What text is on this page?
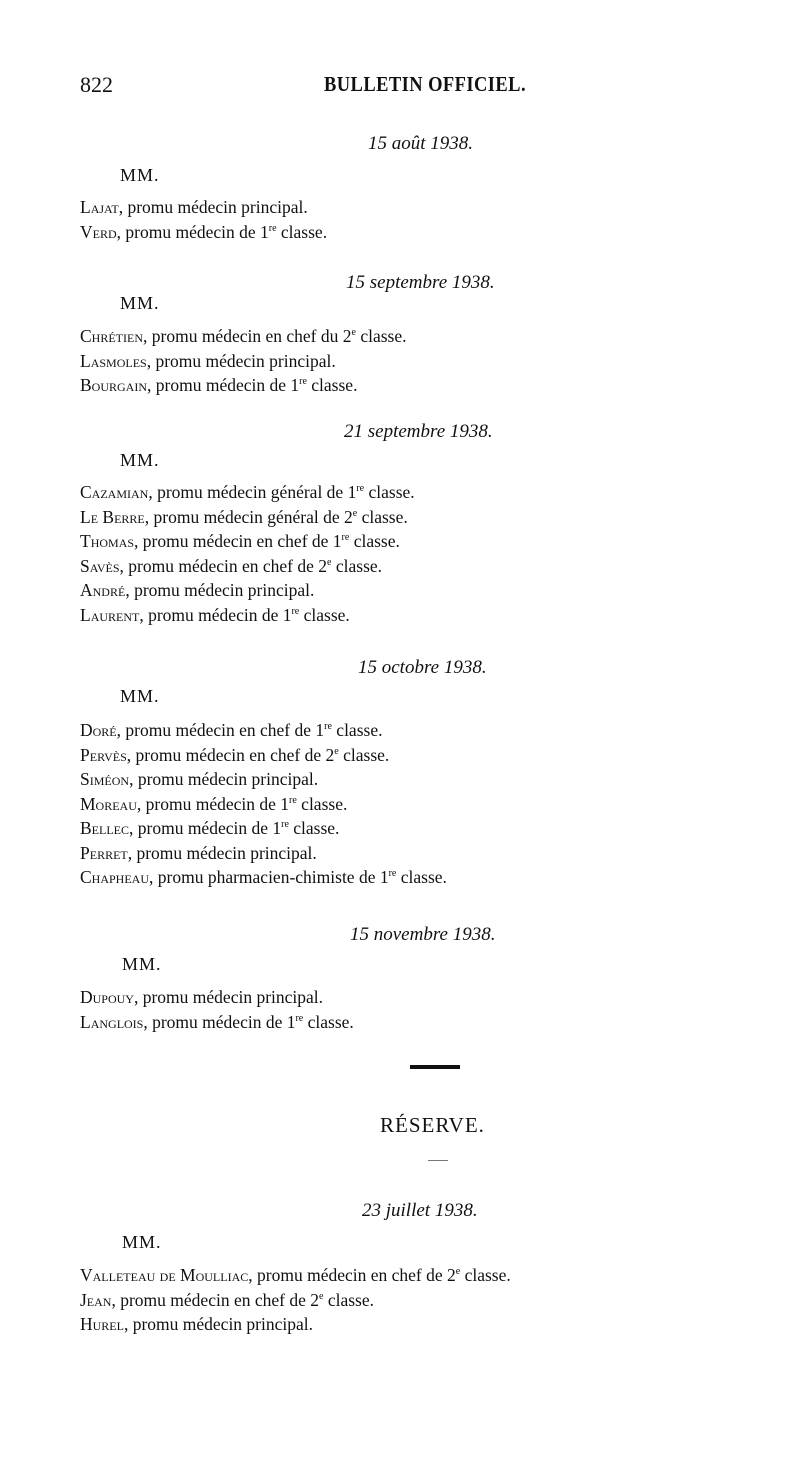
822	BULLETIN OFFICIEL.
15 août 1938.
MM.
Lajat, promu médecin principal.
Verd, promu médecin de 1re classe.
15 septembre 1938.
MM.
Chrétien, promu médecin en chef du 2e classe.
Lasmoles, promu médecin principal.
Bourgain, promu médecin de 1re classe.
21 septembre 1938.
MM.
Cazamian, promu médecin général de 1re classe.
Le Berre, promu médecin général de 2e classe.
Thomas, promu médecin en chef de 1re classe.
Savès, promu médecin en chef de 2e classe.
André, promu médecin principal.
Laurent, promu médecin de 1re classe.
15 octobre 1938.
MM.
Doré, promu médecin en chef de 1re classe.
Pervès, promu médecin en chef de 2e classe.
Siméon, promu médecin principal.
Moreau, promu médecin de 1re classe.
Bellec, promu médecin de 1re classe.
Perret, promu médecin principal.
Chapheau, promu pharmacien-chimiste de 1re classe.
15 novembre 1938.
MM.
Dupouy, promu médecin principal.
Langlois, promu médecin de 1re classe.
RÉSERVE.
23 juillet 1938.
MM.
Valleteau de Moulliac, promu médecin en chef de 2e classe.
Jean, promu médecin en chef de 2e classe.
Hurel, promu médecin principal.
